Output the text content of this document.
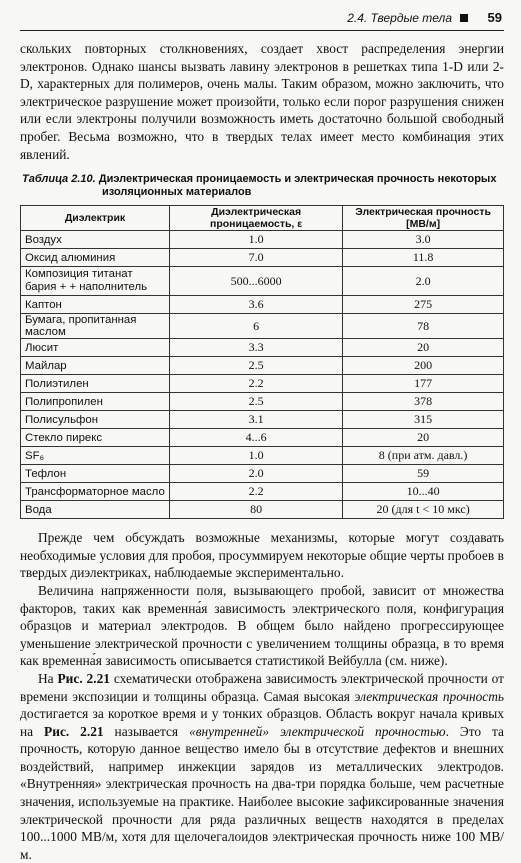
2.4. Твердые тела	59

скольких повторных столкновениях, создает хвост распределения энергии электронов. Однако шансы вызвать лавину электронов в решетках типа 1-D или 2-D, характерных для полимеров, очень малы. Таким образом, можно заключить, что электрическое разрушение может произойти, только если порог разрушения снижен или если электроны получили возможность иметь достаточно большой свободный пробег. Весьма возможно, что в твердых телах имеет место комбинация этих явлений.

Таблица 2.10. Диэлектрическая проницаемость и электрическая прочность некоторых
изоляционных материалов
Диэлектрик	Диэлектрическая проницаемость, ε	Электрическая прочность [МВ/м]
Воздух	1.0	3.0
Оксид алюминия	7.0	11.8
Композиция титанат бария + + наполнитель	500...6000	2.0
Каптон	3.6	275
Бумага, пропитанная маслом	6	78
Люсит	3.3	20
Майлар	2.5	200
Полиэтилен	2.2	177
Полипропилен	2.5	378
Полисульфон	3.1	315
Стекло пирекс	4...6	20
SF₆	1.0	8 (при атм. давл.)
Тефлон	2.0	59
Трансформаторное масло	2.2	10...40
Вода	80	20 (для t < 10 мкс)

Прежде чем обсуждать возможные механизмы, которые могут создавать необходимые условия для пробоя, просуммируем некоторые общие черты пробоев в твердых диэлектриках, наблюдаемые экспериментально.

Величина напряженности поля, вызывающего пробой, зависит от множества факторов, таких как временна́я зависимость электрического поля, конфигурация образцов и материал электродов. В общем было найдено прогрессирующее уменьшение электрической прочности с увеличением толщины образца, в то время как временна́я зависимость описывается статистикой Вейбулла (см. ниже).

На Рис. 2.21 схематически отображена зависимость электрической прочности от времени экспозиции и толщины образца. Самая высокая электрическая прочность достигается за короткое время и у тонких образцов. Область вокруг начала кривых на Рис. 2.21 называется «внутренней» электрической прочностью. Это та прочность, которую данное вещество имело бы в отсутствие дефектов и внешних воздействий, например инжекции зарядов из металлических электродов. «Внутренняя» электрическая прочность на два-три порядка больше, чем расчетные значения, используемые на практике. Наиболее высокие зафиксированные значения электрической прочности для ряда различных веществ находятся в пределах 100...1000 МВ/м, хотя для щелочегалоидов электрическая прочность ниже 100 МВ/м.
